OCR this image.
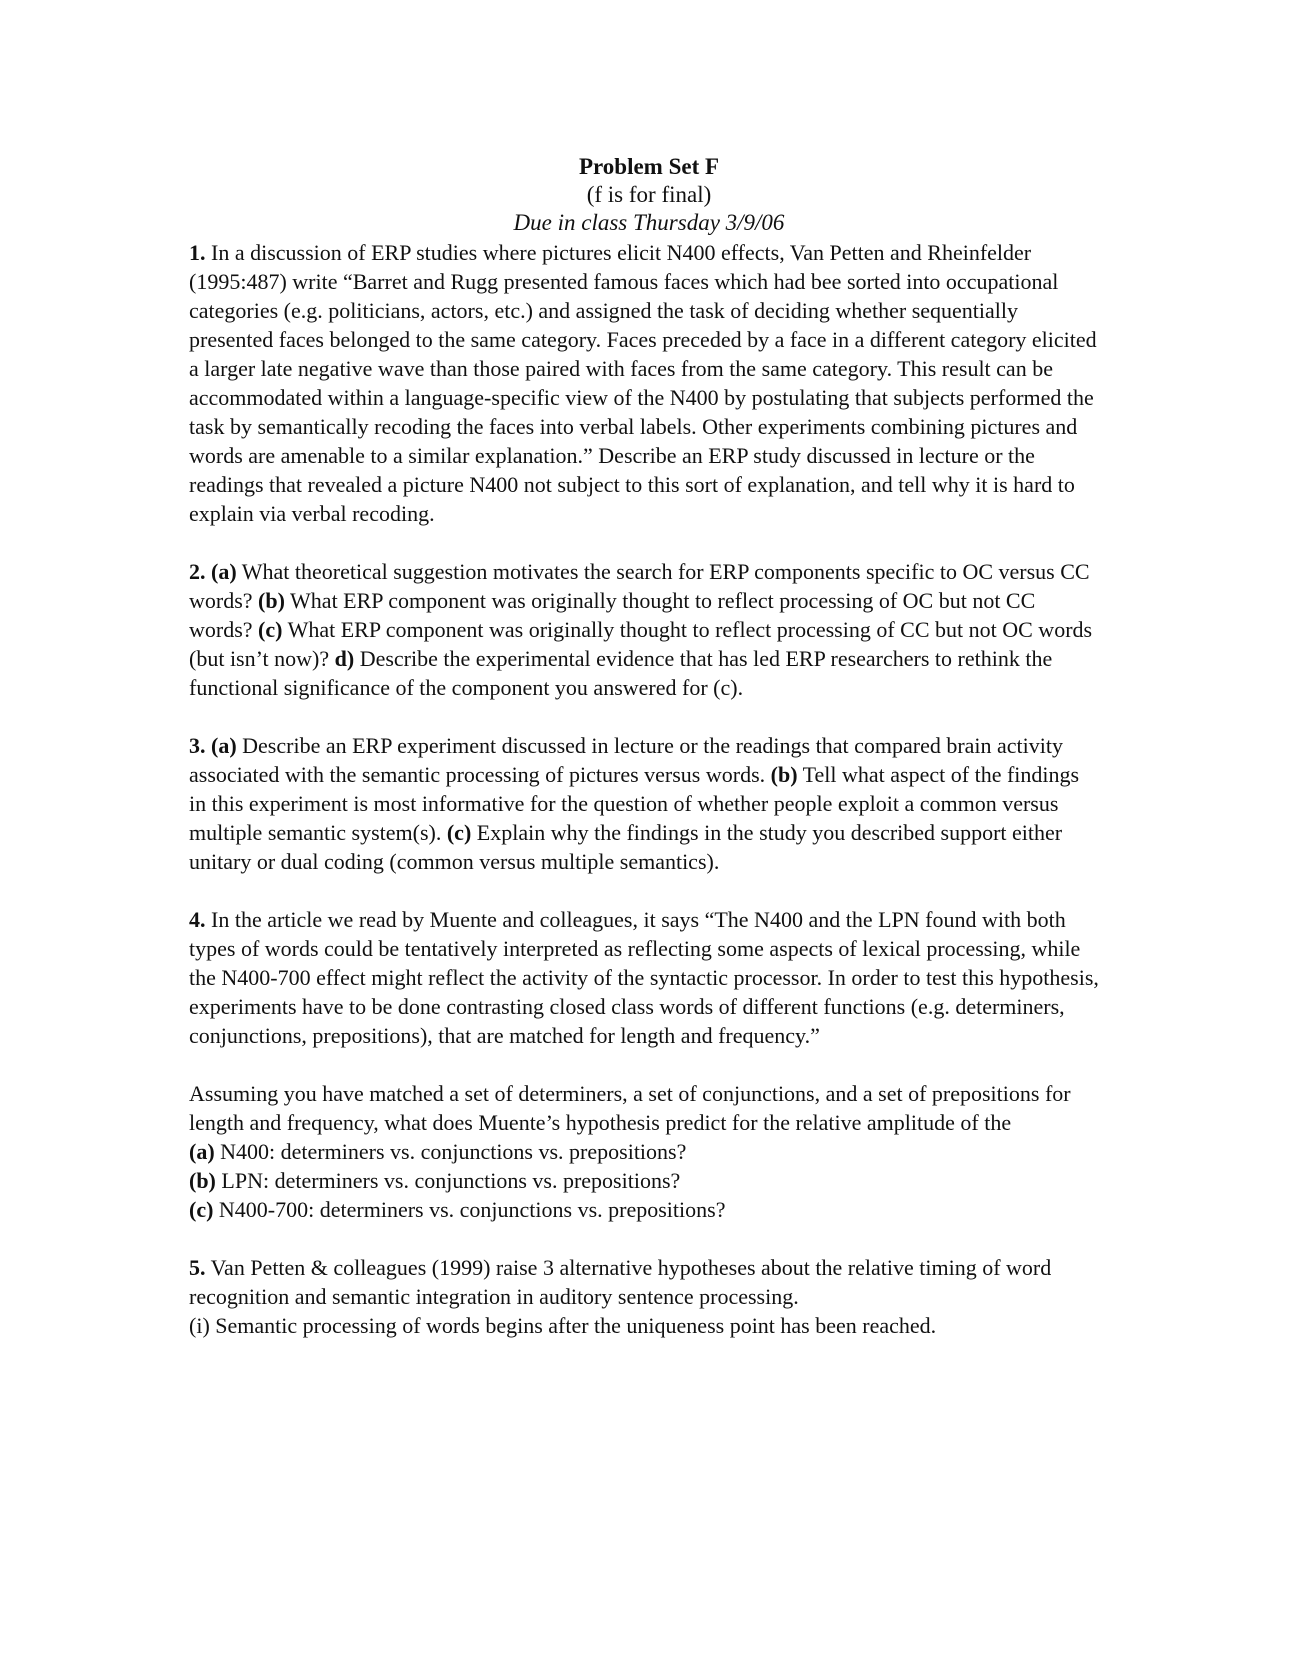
Problem Set F
(f is for final)
Due in class Thursday 3/9/06

1. In a discussion of ERP studies where pictures elicit N400 effects, Van Petten and Rheinfelder (1995:487) write “Barret and Rugg presented famous faces which had bee sorted into occupational categories (e.g. politicians, actors, etc.) and assigned the task of deciding whether sequentially presented faces belonged to the same category. Faces preceded by a face in a different category elicited a larger late negative wave than those paired with faces from the same category. This result can be accommodated within a language-specific view of the N400 by postulating that subjects performed the task by semantically recoding the faces into verbal labels. Other experiments combining pictures and words are amenable to a similar explanation.” Describe an ERP study discussed in lecture or the readings that revealed a picture N400 not subject to this sort of explanation, and tell why it is hard to explain via verbal recoding.

2. (a) What theoretical suggestion motivates the search for ERP components specific to OC versus CC words? (b) What ERP component was originally thought to reflect processing of OC but not CC words? (c) What ERP component was originally thought to reflect processing of CC but not OC words (but isn’t now)? d) Describe the experimental evidence that has led ERP researchers to rethink the functional significance of the component you answered for (c).

3. (a) Describe an ERP experiment discussed in lecture or the readings that compared brain activity associated with the semantic processing of pictures versus words. (b) Tell what aspect of the findings in this experiment is most informative for the question of whether people exploit a common versus multiple semantic system(s). (c) Explain why the findings in the study you described support either unitary or dual coding (common versus multiple semantics).

4. In the article we read by Muente and colleagues, it says “The N400 and the LPN found with both types of words could be tentatively interpreted as reflecting some aspects of lexical processing, while the N400-700 effect might reflect the activity of the syntactic processor. In order to test this hypothesis, experiments have to be done contrasting closed class words of different functions (e.g. determiners, conjunctions, prepositions), that are matched for length and frequency.”

Assuming you have matched a set of determiners, a set of conjunctions, and a set of prepositions for length and frequency, what does Muente’s hypothesis predict for the relative amplitude of the

(a) N400: determiners vs. conjunctions vs. prepositions?

(b) LPN: determiners vs. conjunctions vs. prepositions?

(c) N400-700: determiners vs. conjunctions vs. prepositions?

5. Van Petten & colleagues (1999) raise 3 alternative hypotheses about the relative timing of word recognition and semantic integration in auditory sentence processing.

(i) Semantic processing of words begins after the uniqueness point has been reached.
